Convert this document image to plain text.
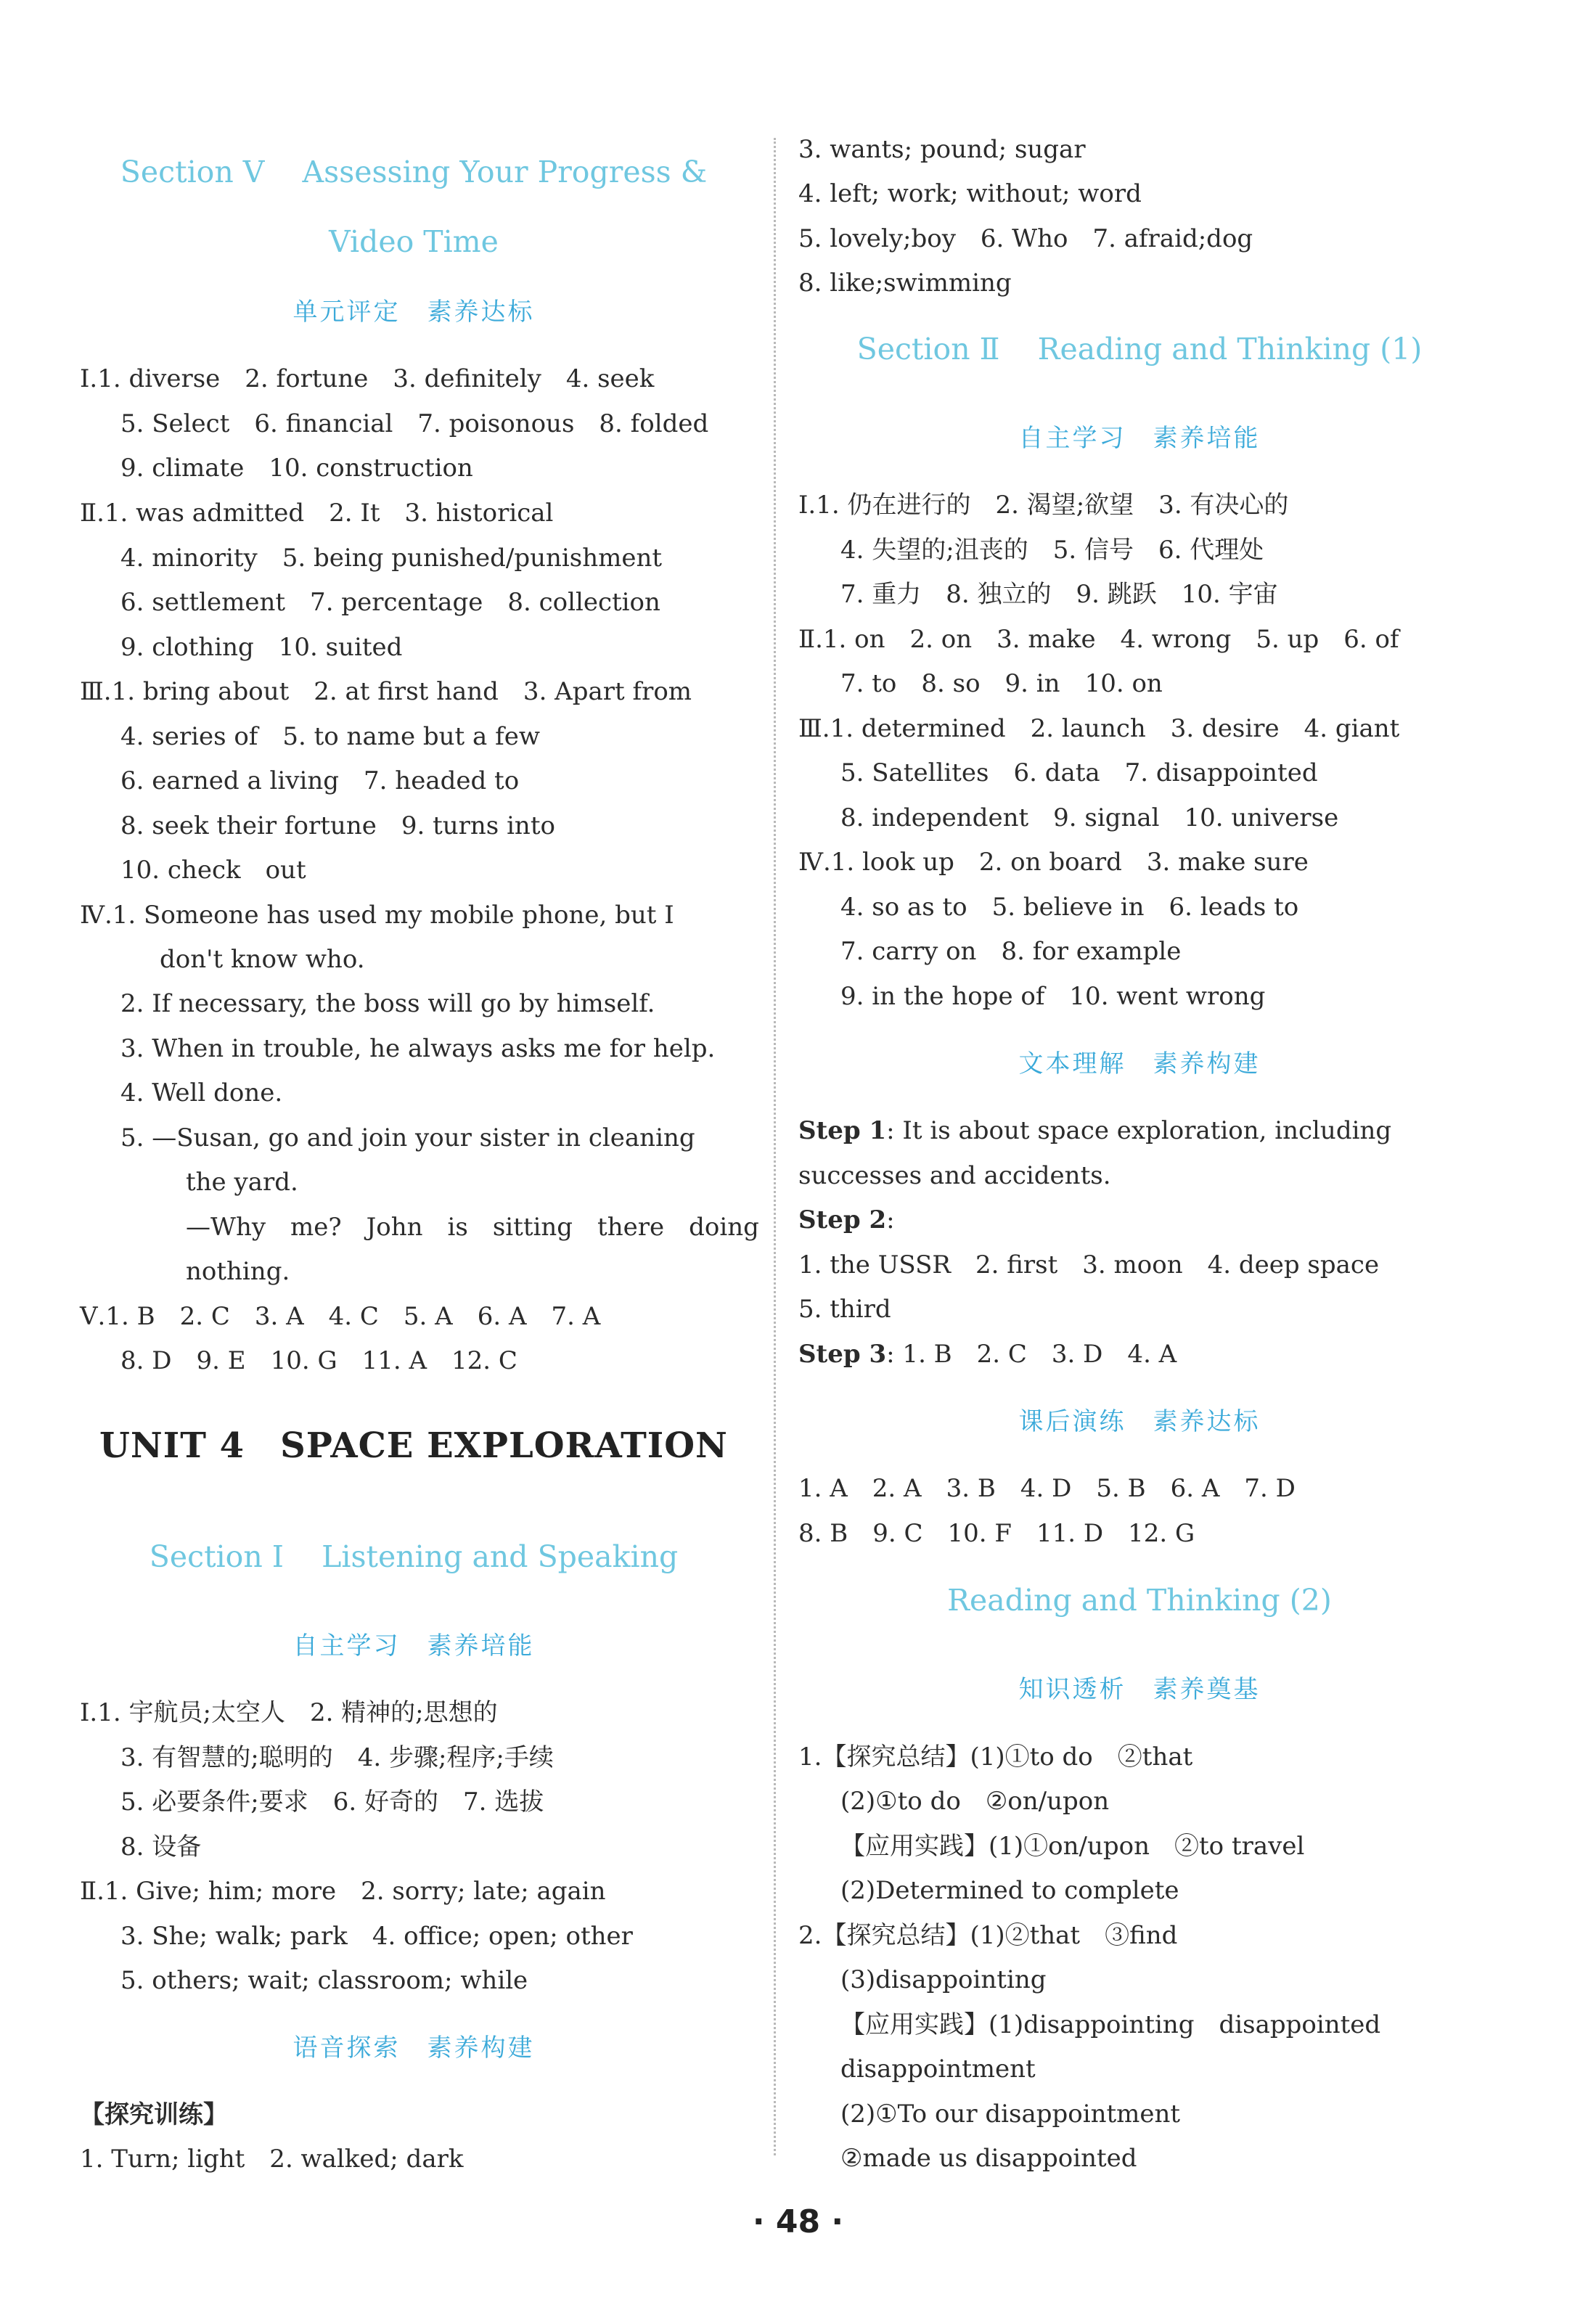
Section Ⅴ    Assessing Your Progress &
Video Time
单元评定　素养达标
Ⅰ.1. diverse　2. fortune　3. definitely　4. seek
5. Select　6. financial　7. poisonous　8. folded
9. climate　10. construction
Ⅱ.1. was admitted　2. It　3. historical
4. minority　5. being punished/punishment
6. settlement　7. percentage　8. collection
9. clothing　10. suited
Ⅲ.1. bring about　2. at first hand　3. Apart from
4. series of　5. to name but a few
6. earned a living　7. headed to
8. seek their fortune　9. turns into
10. check　out
Ⅳ.1. Someone has used my mobile phone, but I
don't know who.
2. If necessary, the boss will go by himself.
3. When in trouble, he always asks me for help.
4. Well done.
5. —Susan, go and join your sister in cleaning
the yard.
—Why　me?　John　is　sitting　there　doing
nothing.
Ⅴ.1. B　2. C　3. A　4. C　5. A　6. A　7. A
8. D　9. E　10. G　11. A　12. C
UNIT 4　SPACE EXPLORATION
Section Ⅰ    Listening and Speaking
自主学习　素养培能
Ⅰ.1. 宇航员;太空人　2. 精神的;思想的
3. 有智慧的;聪明的　4. 步骤;程序;手续
5. 必要条件;要求　6. 好奇的　7. 选拔
8. 设备
Ⅱ.1. Give; him; more　2. sorry; late; again
3. She; walk; park　4. office; open; other
5. others; wait; classroom; while
语音探索　素养构建
【探究训练】
1. Turn; light　2. walked; dark
3. wants; pound; sugar
4. left; work; without; word
5. lovely;boy　6. Who　7. afraid;dog
8. like;swimming
Section Ⅱ    Reading and Thinking (1)
自主学习　素养培能
Ⅰ.1. 仍在进行的　2. 渴望;欲望　3. 有决心的
4. 失望的;沮丧的　5. 信号　6. 代理处
7. 重力　8. 独立的　9. 跳跃　10. 宇宙
Ⅱ.1. on　2. on　3. make　4. wrong　5. up　6. of
7. to　8. so　9. in　10. on
Ⅲ.1. determined　2. launch　3. desire　4. giant
5. Satellites　6. data　7. disappointed
8. independent　9. signal　10. universe
Ⅳ.1. look up　2. on board　3. make sure
4. so as to　5. believe in　6. leads to
7. carry on　8. for example
9. in the hope of　10. went wrong
文本理解　素养构建
Step 1: It is about space exploration, including
successes and accidents.
Step 2:
1. the USSR　2. first　3. moon　4. deep space
5. third
Step 3: 1. B　2. C　3. D　4. A
课后演练　素养达标
1. A　2. A　3. B　4. D　5. B　6. A　7. D
8. B　9. C　10. F　11. D　12. G
Reading and Thinking (2)
知识透析　素养奠基
1.【探究总结】(1)①to do　②that
(2)①to do　②on/upon
【应用实践】(1)①on/upon　②to travel
(2)Determined to complete
2.【探究总结】(1)②that　③find
(3)disappointing
【应用实践】(1)disappointing　disappointed
disappointment
(2)①To our disappointment
②made us disappointed
· 48 ·
